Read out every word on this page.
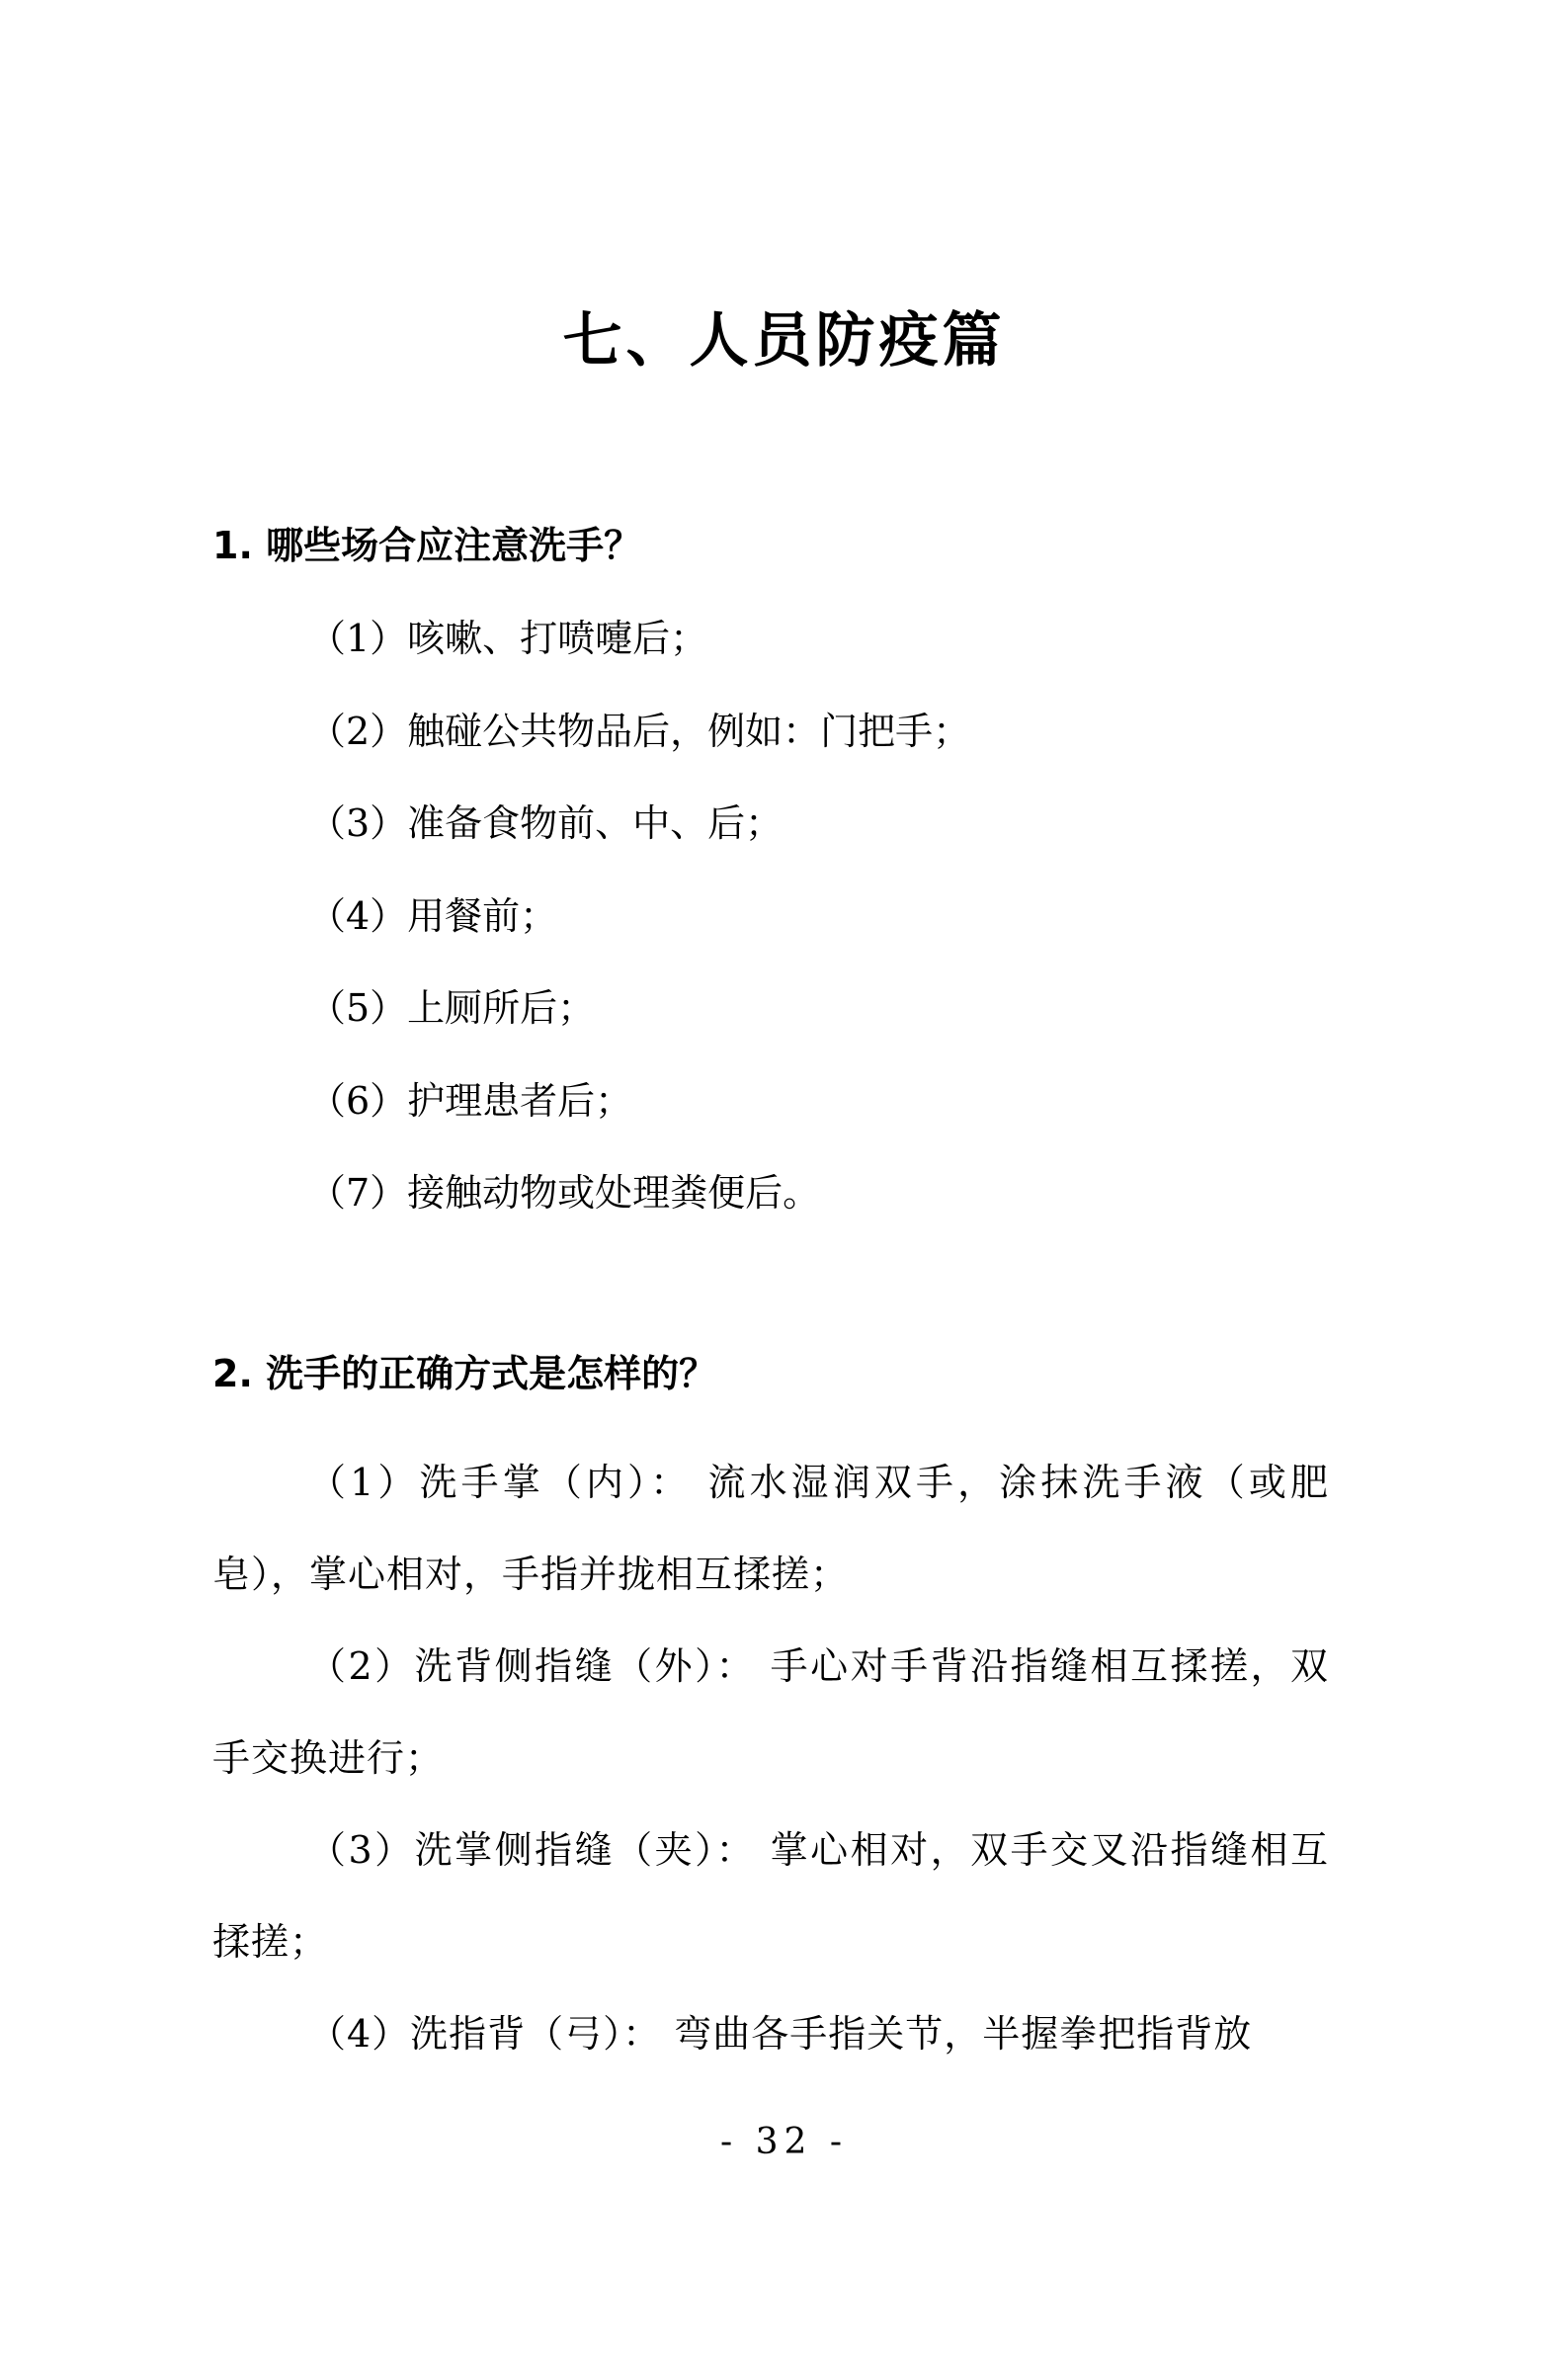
七、人员防疫篇
1. 哪些场合应注意洗手？
（1）咳嗽、打喷嚏后；
（2）触碰公共物品后，例如：门把手；
（3）准备食物前、中、后；
（4）用餐前；
（5）上厕所后；
（6）护理患者后；
（7）接触动物或处理粪便后。
2. 洗手的正确方式是怎样的？

（1）洗手掌（内）： 流水湿润双手，涂抹洗手液（或肥皂），掌心相对，手指并拢相互揉搓；

（2）洗背侧指缝（外）： 手心对手背沿指缝相互揉搓，双手交换进行；

（3）洗掌侧指缝（夹）： 掌心相对，双手交叉沿指缝相互揉搓；

（4）洗指背（弓）： 弯曲各手指关节，半握拳把指背放

- 32 -
